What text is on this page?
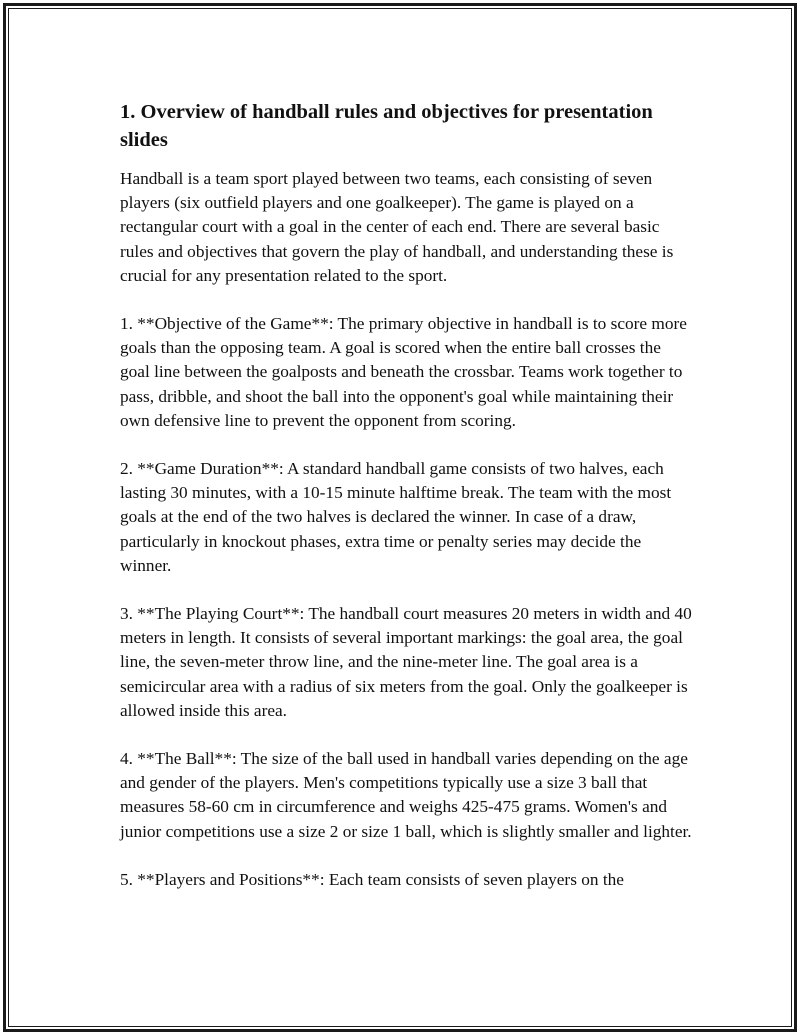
1. Overview of handball rules and objectives for presentation slides

Handball is a team sport played between two teams, each consisting of seven players (six outfield players and one goalkeeper). The game is played on a rectangular court with a goal in the center of each end. There are several basic rules and objectives that govern the play of handball, and understanding these is crucial for any presentation related to the sport.

1. **Objective of the Game**: The primary objective in handball is to score more goals than the opposing team. A goal is scored when the entire ball crosses the goal line between the goalposts and beneath the crossbar. Teams work together to pass, dribble, and shoot the ball into the opponent's goal while maintaining their own defensive line to prevent the opponent from scoring.

2. **Game Duration**: A standard handball game consists of two halves, each lasting 30 minutes, with a 10-15 minute halftime break. The team with the most goals at the end of the two halves is declared the winner. In case of a draw, particularly in knockout phases, extra time or penalty series may decide the winner.

3. **The Playing Court**: The handball court measures 20 meters in width and 40 meters in length. It consists of several important markings: the goal area, the goal line, the seven-meter throw line, and the nine-meter line. The goal area is a semicircular area with a radius of six meters from the goal. Only the goalkeeper is allowed inside this area.

4. **The Ball**: The size of the ball used in handball varies depending on the age and gender of the players. Men's competitions typically use a size 3 ball that measures 58-60 cm in circumference and weighs 425-475 grams. Women's and junior competitions use a size 2 or size 1 ball, which is slightly smaller and lighter.

5. **Players and Positions**: Each team consists of seven players on the
